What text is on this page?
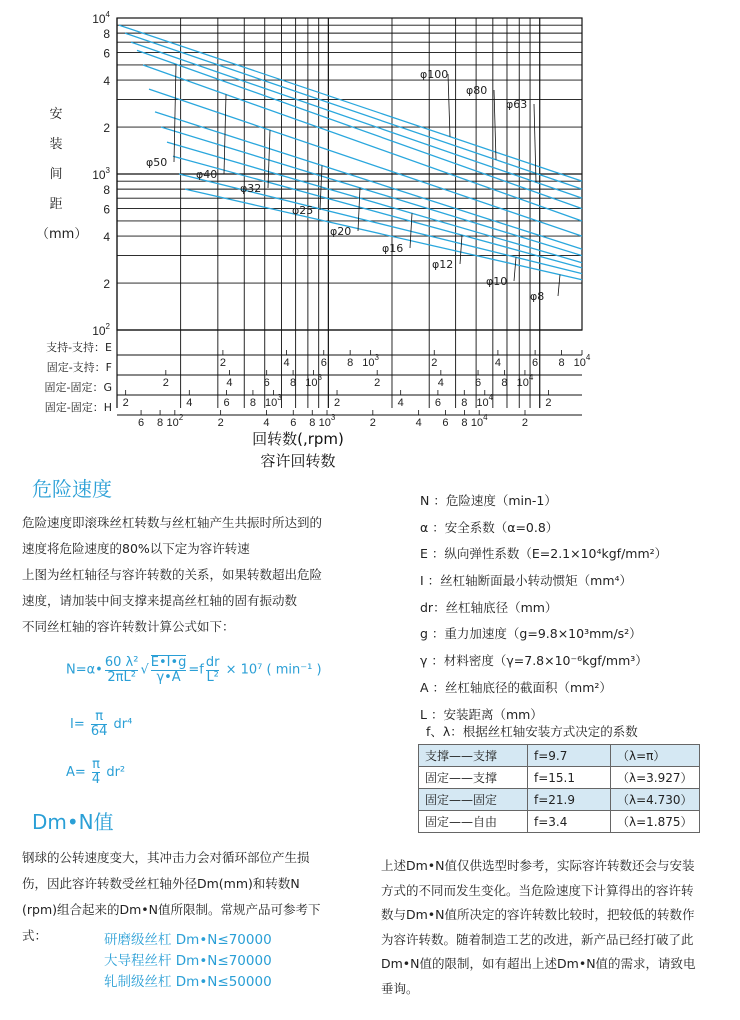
$10^4$
8
6
4
2
$10^3$
8
6
4
2
$10^2$
支持-支持：E
2	4	6 8 $10^3$	2	4	6 8 $10^4$
固定-支持：F
2	4	6 8 $10^3$	2	4	6 8 $10^4$
固定-固定：G
2	4	6 8 $10^3$	2	4	6 8 $10^4$	2
固定-固定：H
6 8 $10^2$	2	4 6 8 $10^3$	2	4 6 8 $10^4$	2
φ100
φ80
φ63
φ50
φ40
φ32
φ25
φ20
φ16
φ12
φ10
φ8
安
装
间
距
（mm）
回转数(,rpm)
容许回转数
危险速度
危险速度即滚珠丝杠转数与丝杠轴产生共振时所达到的
速度将危险速度的80%以下定为容许转速
上图为丝杠轴径与容许转数的关系，如果转数超出危险
速度，请加装中间支撑来提高丝杠轴的固有振动数
不同丝杠轴的容许转数计算公式如下：
N=α• $\frac{\text{60 λ²}}{\text{2πL²}}$ √ $\frac{E•I•g}{\gamma•A} =f \frac{dr}{\text{L²}} \times 10^7$ ( min⁻¹ )
$I= \frac{\pi}{64} dr^4$
$A= \frac{\pi}{4} dr^2$
N ：危险速度（min-1）
α ：安全系数（α=0.8）
E ：纵向弹性系数（E=2.1×10⁴kgf/mm²）
I ：丝杠轴断面最小转动惯矩（mm⁴）
dr：丝杠轴底径（mm）
g ：重力加速度（g=9.8×10³mm/s²）
γ ：材料密度（γ=7.8×10⁻⁶kgf/mm³）
A ：丝杠轴底径的截面积（mm²）
L ：安装距离（mm）
f、λ：根据丝杠轴安装方式决定的系数
支撑——支撑	f=9.7	（λ=π）
固定——支撑	f=15.1	（λ=3.927）
固定——固定	f=21.9	（λ=4.730）
固定——自由	f=3.4	（λ=1.875）
Dm•N值
钢球的公转速度变大，其冲击力会对循环部位产生损
伤，因此容许转数受丝杠轴外径Dm(mm)和转数N
(rpm)组合起来的Dm•N值所限制。常规产品可参考下
式：	研磨级丝杠 Dm•N≤70000
大导程丝杆 Dm•N≤70000
轧制级丝杠 Dm•N≤50000
上述Dm•N值仅供选型时参考，实际容许转数还会与安装
方式的不同而发生变化。当危险速度下计算得出的容许转
数与Dm•N值所决定的容许转数比较时，把较低的转数作
为容许转数。随着制造工艺的改进，新产品已经打破了此
Dm•N值的限制，如有超出上述Dm•N值的需求，请致电
垂询。
